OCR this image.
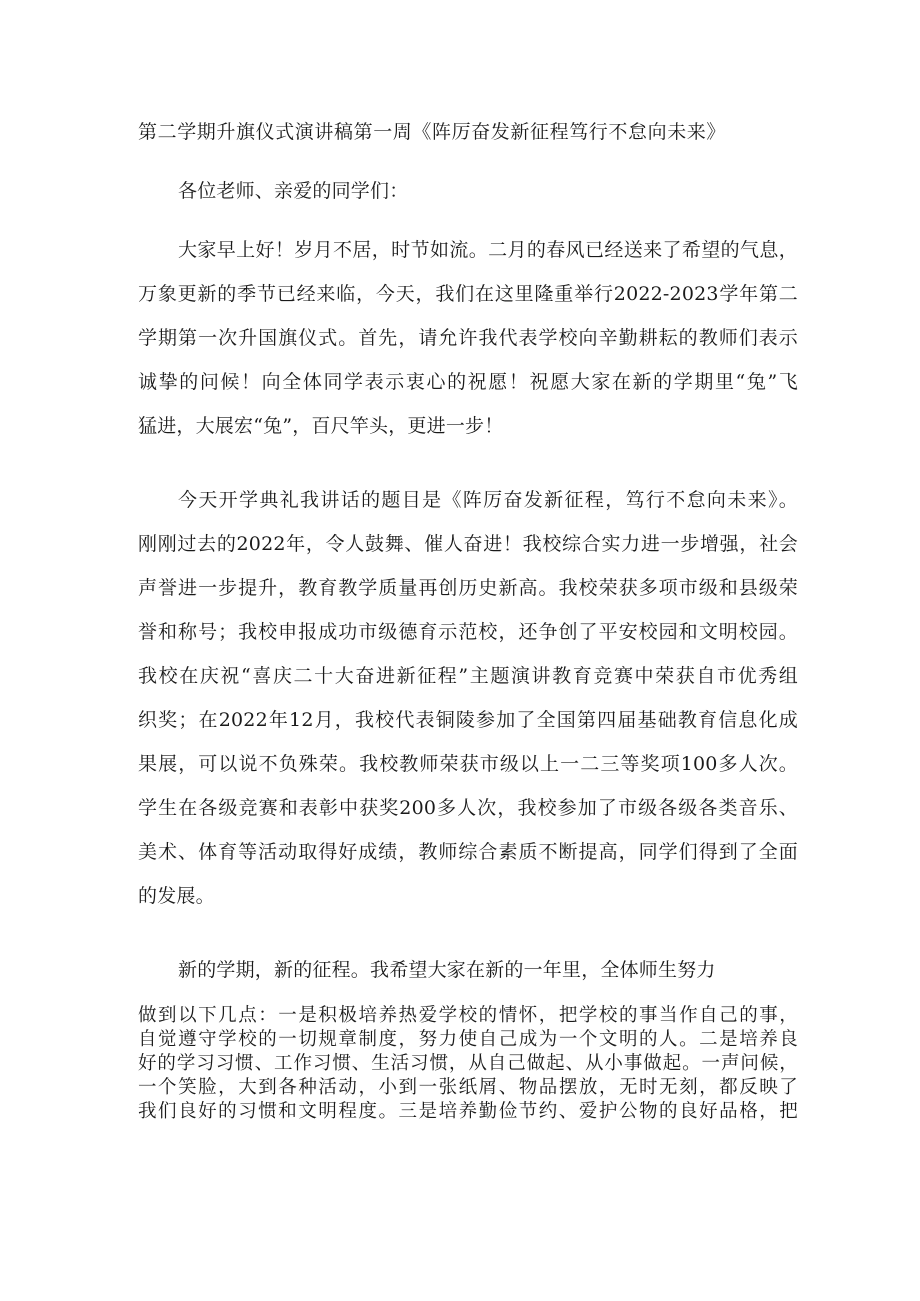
第二学期升旗仪式演讲稿第一周《阵厉奋发新征程笃行不怠向未来》
各位老师、亲爱的同学们：
大家早上好！岁月不居，时节如流。二月的春风已经送来了希望的气息，
万象更新的季节已经来临，今天，我们在这里隆重举行2022-2023学年第二
学期第一次升国旗仪式。首先，请允许我代表学校向辛勤耕耘的教师们表示
诚挚的问候！向全体同学表示衷心的祝愿！祝愿大家在新的学期里“兔”飞
猛进，大展宏“兔”，百尺竿头，更进一步！
今天开学典礼我讲话的题目是《阵厉奋发新征程，笃行不怠向未来》。
刚刚过去的2022年，令人鼓舞、催人奋进！我校综合实力进一步增强，社会
声誉进一步提升，教育教学质量再创历史新高。我校荣获多项市级和县级荣
誉和称号；我校申报成功市级德育示范校，还争创了平安校园和文明校园。
我校在庆祝“喜庆二十大奋进新征程”主题演讲教育竞赛中荣获自市优秀组
织奖；在2022年12月，我校代表铜陵参加了全国第四届基础教育信息化成
果展，可以说不负殊荣。我校教师荣获市级以上一二三等奖项100多人次。
学生在各级竞赛和表彰中获奖200多人次，我校参加了市级各级各类音乐、
美术、体育等活动取得好成绩，教师综合素质不断提高，同学们得到了全面
的发展。
新的学期，新的征程。我希望大家在新的一年里，全体师生努力
做到以下几点：一是积极培养热爱学校的情怀，把学校的事当作自己的事，
自觉遵守学校的一切规章制度，努力使自己成为一个文明的人。二是培养良
好的学习习惯、工作习惯、生活习惯，从自己做起、从小事做起。一声问候，
一个笑脸，大到各种活动，小到一张纸屑、物品摆放，无时无刻，都反映了
我们良好的习惯和文明程度。三是培养勤俭节约、爱护公物的良好品格，把
